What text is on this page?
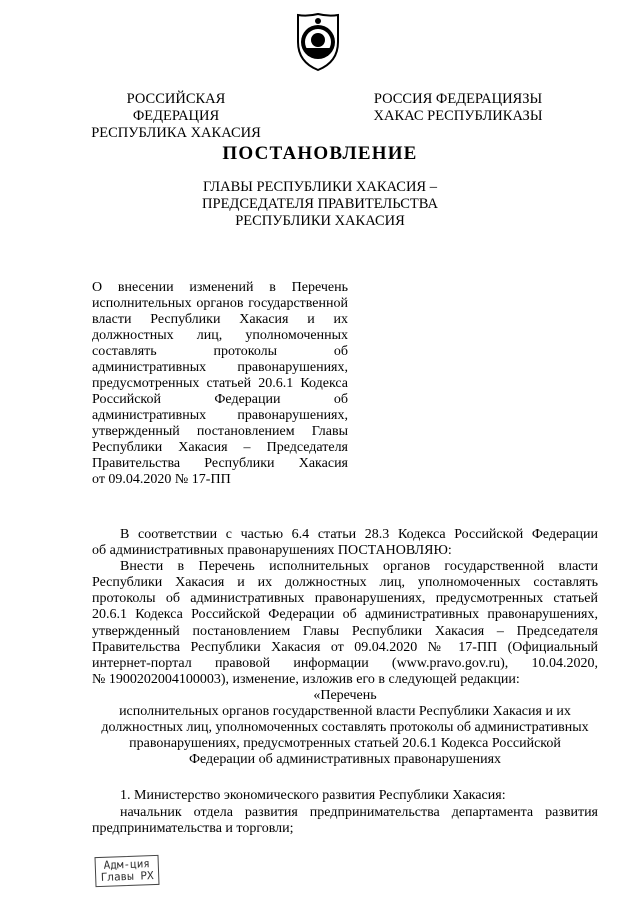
РОССИЙСКАЯ ФЕДЕРАЦИЯ
РЕСПУБЛИКА ХАКАСИЯ
РОССИЯ ФЕДЕРАЦИЯЗЫ
ХАКАС РЕСПУБЛИКАЗЫ
ПОСТАНОВЛЕНИЕ
ГЛАВЫ РЕСПУБЛИКИ ХАКАСИЯ –
ПРЕДСЕДАТЕЛЯ ПРАВИТЕЛЬСТВА
РЕСПУБЛИКИ ХАКАСИЯ
О внесении изменений в Перечень
исполнительных органов государственной
власти Республики Хакасия и их
должностных лиц, уполномоченных
составлять протоколы об
административных правонарушениях,
предусмотренных статьей 20.6.1 Кодекса
Российской Федерации об
административных правонарушениях,
утвержденный постановлением Главы
Республики Хакасия – Председателя
Правительства Республики Хакасия
от 09.04.2020 № 17-ПП
В соответствии с частью 6.4 статьи 28.3 Кодекса Российской Федерации
об административных правонарушениях ПОСТАНОВЛЯЮ:
Внести в Перечень исполнительных органов государственной власти
Республики Хакасия и их должностных лиц, уполномоченных составлять
протоколы об административных правонарушениях, предусмотренных статьей
20.6.1 Кодекса Российской Федерации об административных правонарушениях,
утвержденный постановлением Главы Республики Хакасия – Председателя
Правительства Республики Хакасия от 09.04.2020 № 17-ПП (Официальный
интернет-портал правовой информации (www.pravo.gov.ru), 10.04.2020,
№ 1900202004100003), изменение, изложив его в следующей редакции:
«Перечень
исполнительных органов государственной власти Республики Хакасия и их
должностных лиц, уполномоченных составлять протоколы об административных
правонарушениях, предусмотренных статьей 20.6.1 Кодекса Российской
Федерации об административных правонарушениях
1. Министерство экономического развития Республики Хакасия:
начальник отдела развития предпринимательства департамента развития
предпринимательства и торговли;
Адм-ция
Главы РХ
